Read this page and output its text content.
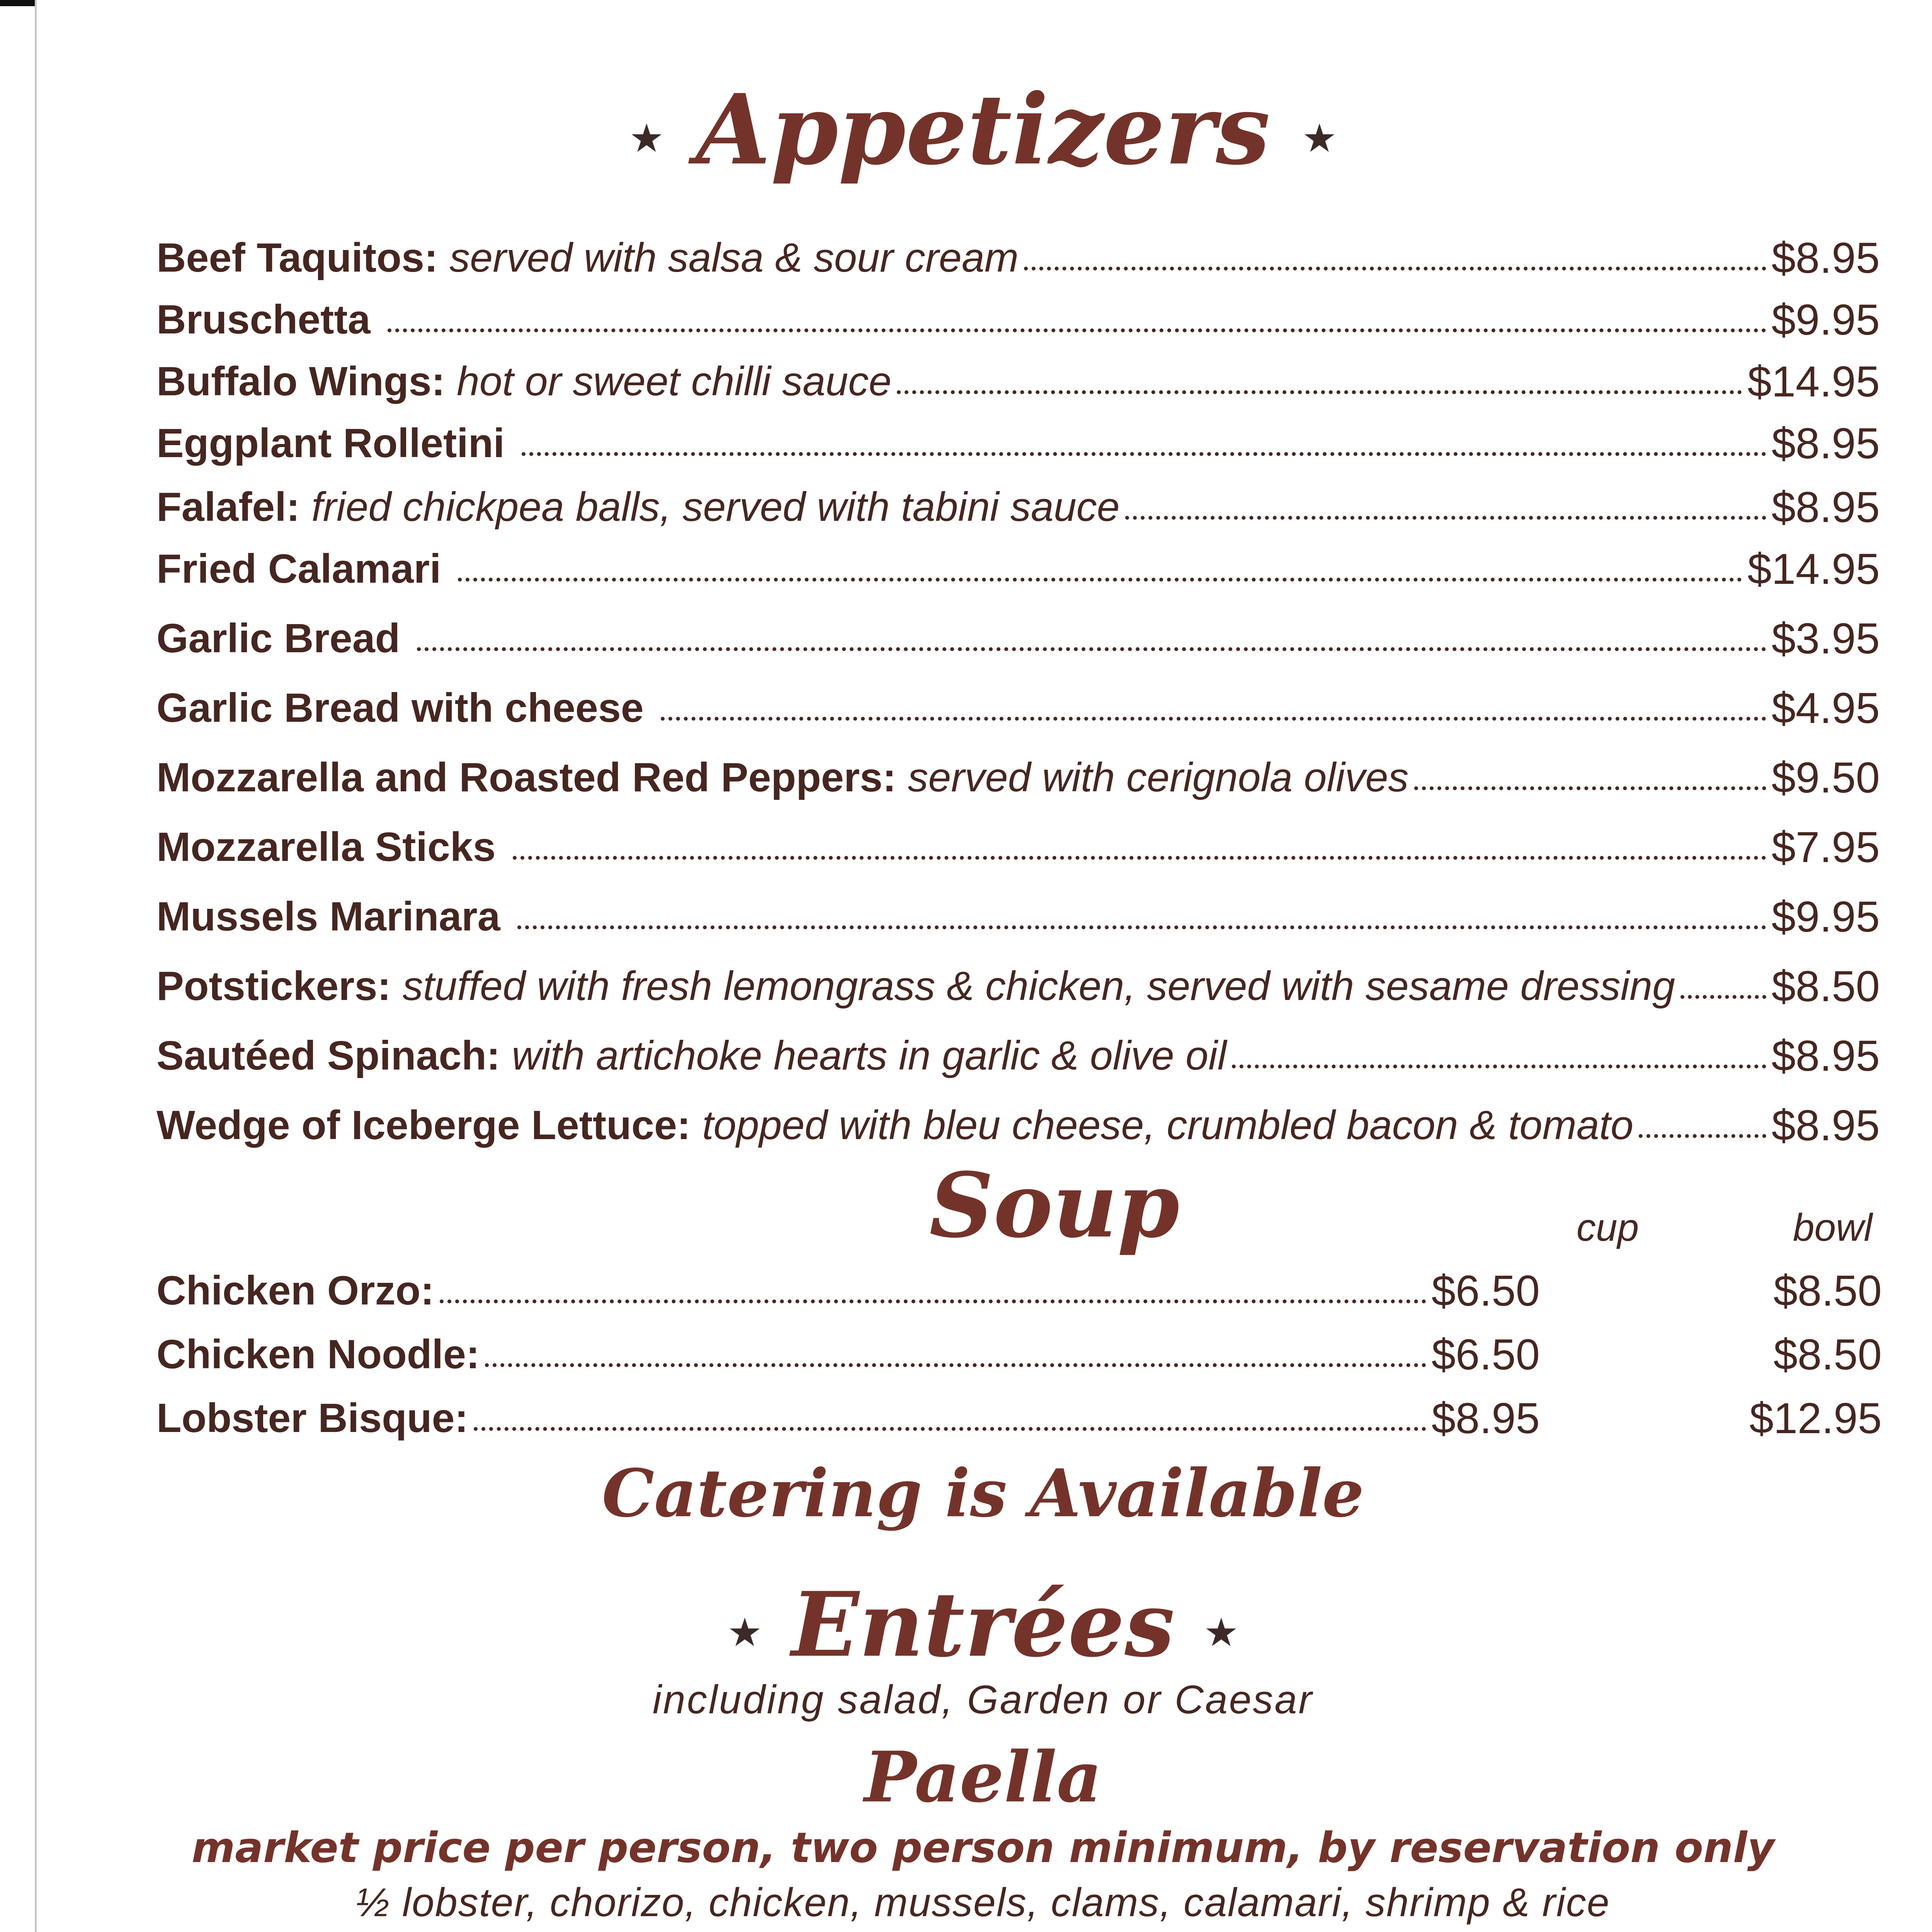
★ Appetizers ★
Beef Taquitos: served with salsa & sour cream	$8.95
Bruschetta	$9.95
Buffalo Wings: hot or sweet chilli sauce	$14.95
Eggplant Rolletini	$8.95
Falafel: fried chickpea balls, served with tabini sauce	$8.95
Fried Calamari	$14.95
Garlic Bread	$3.95
Garlic Bread with cheese	$4.95
Mozzarella and Roasted Red Peppers: served with cerignola olives	$9.50
Mozzarella Sticks	$7.95
Mussels Marinara	$9.95
Potstickers: stuffed with fresh lemongrass & chicken, served with sesame dressing $8.50
Sautéed Spinach: with artichoke hearts in garlic & olive oil	$8.95
Wedge of Iceberge Lettuce: topped with bleu cheese, crumbled bacon & tomato	$8.95
Soup	cup	bowl
Chicken Orzo:	$6.50	$8.50
Chicken Noodle:	$6.50	$8.50
Lobster Bisque:	$8.95	$12.95
Catering is Available
★ Entrées ★
including salad, Garden or Caesar
Paella
market price per person, two person minimum, by reservation only
½ lobster, chorizo, chicken, mussels, clams, calamari, shrimp & rice
